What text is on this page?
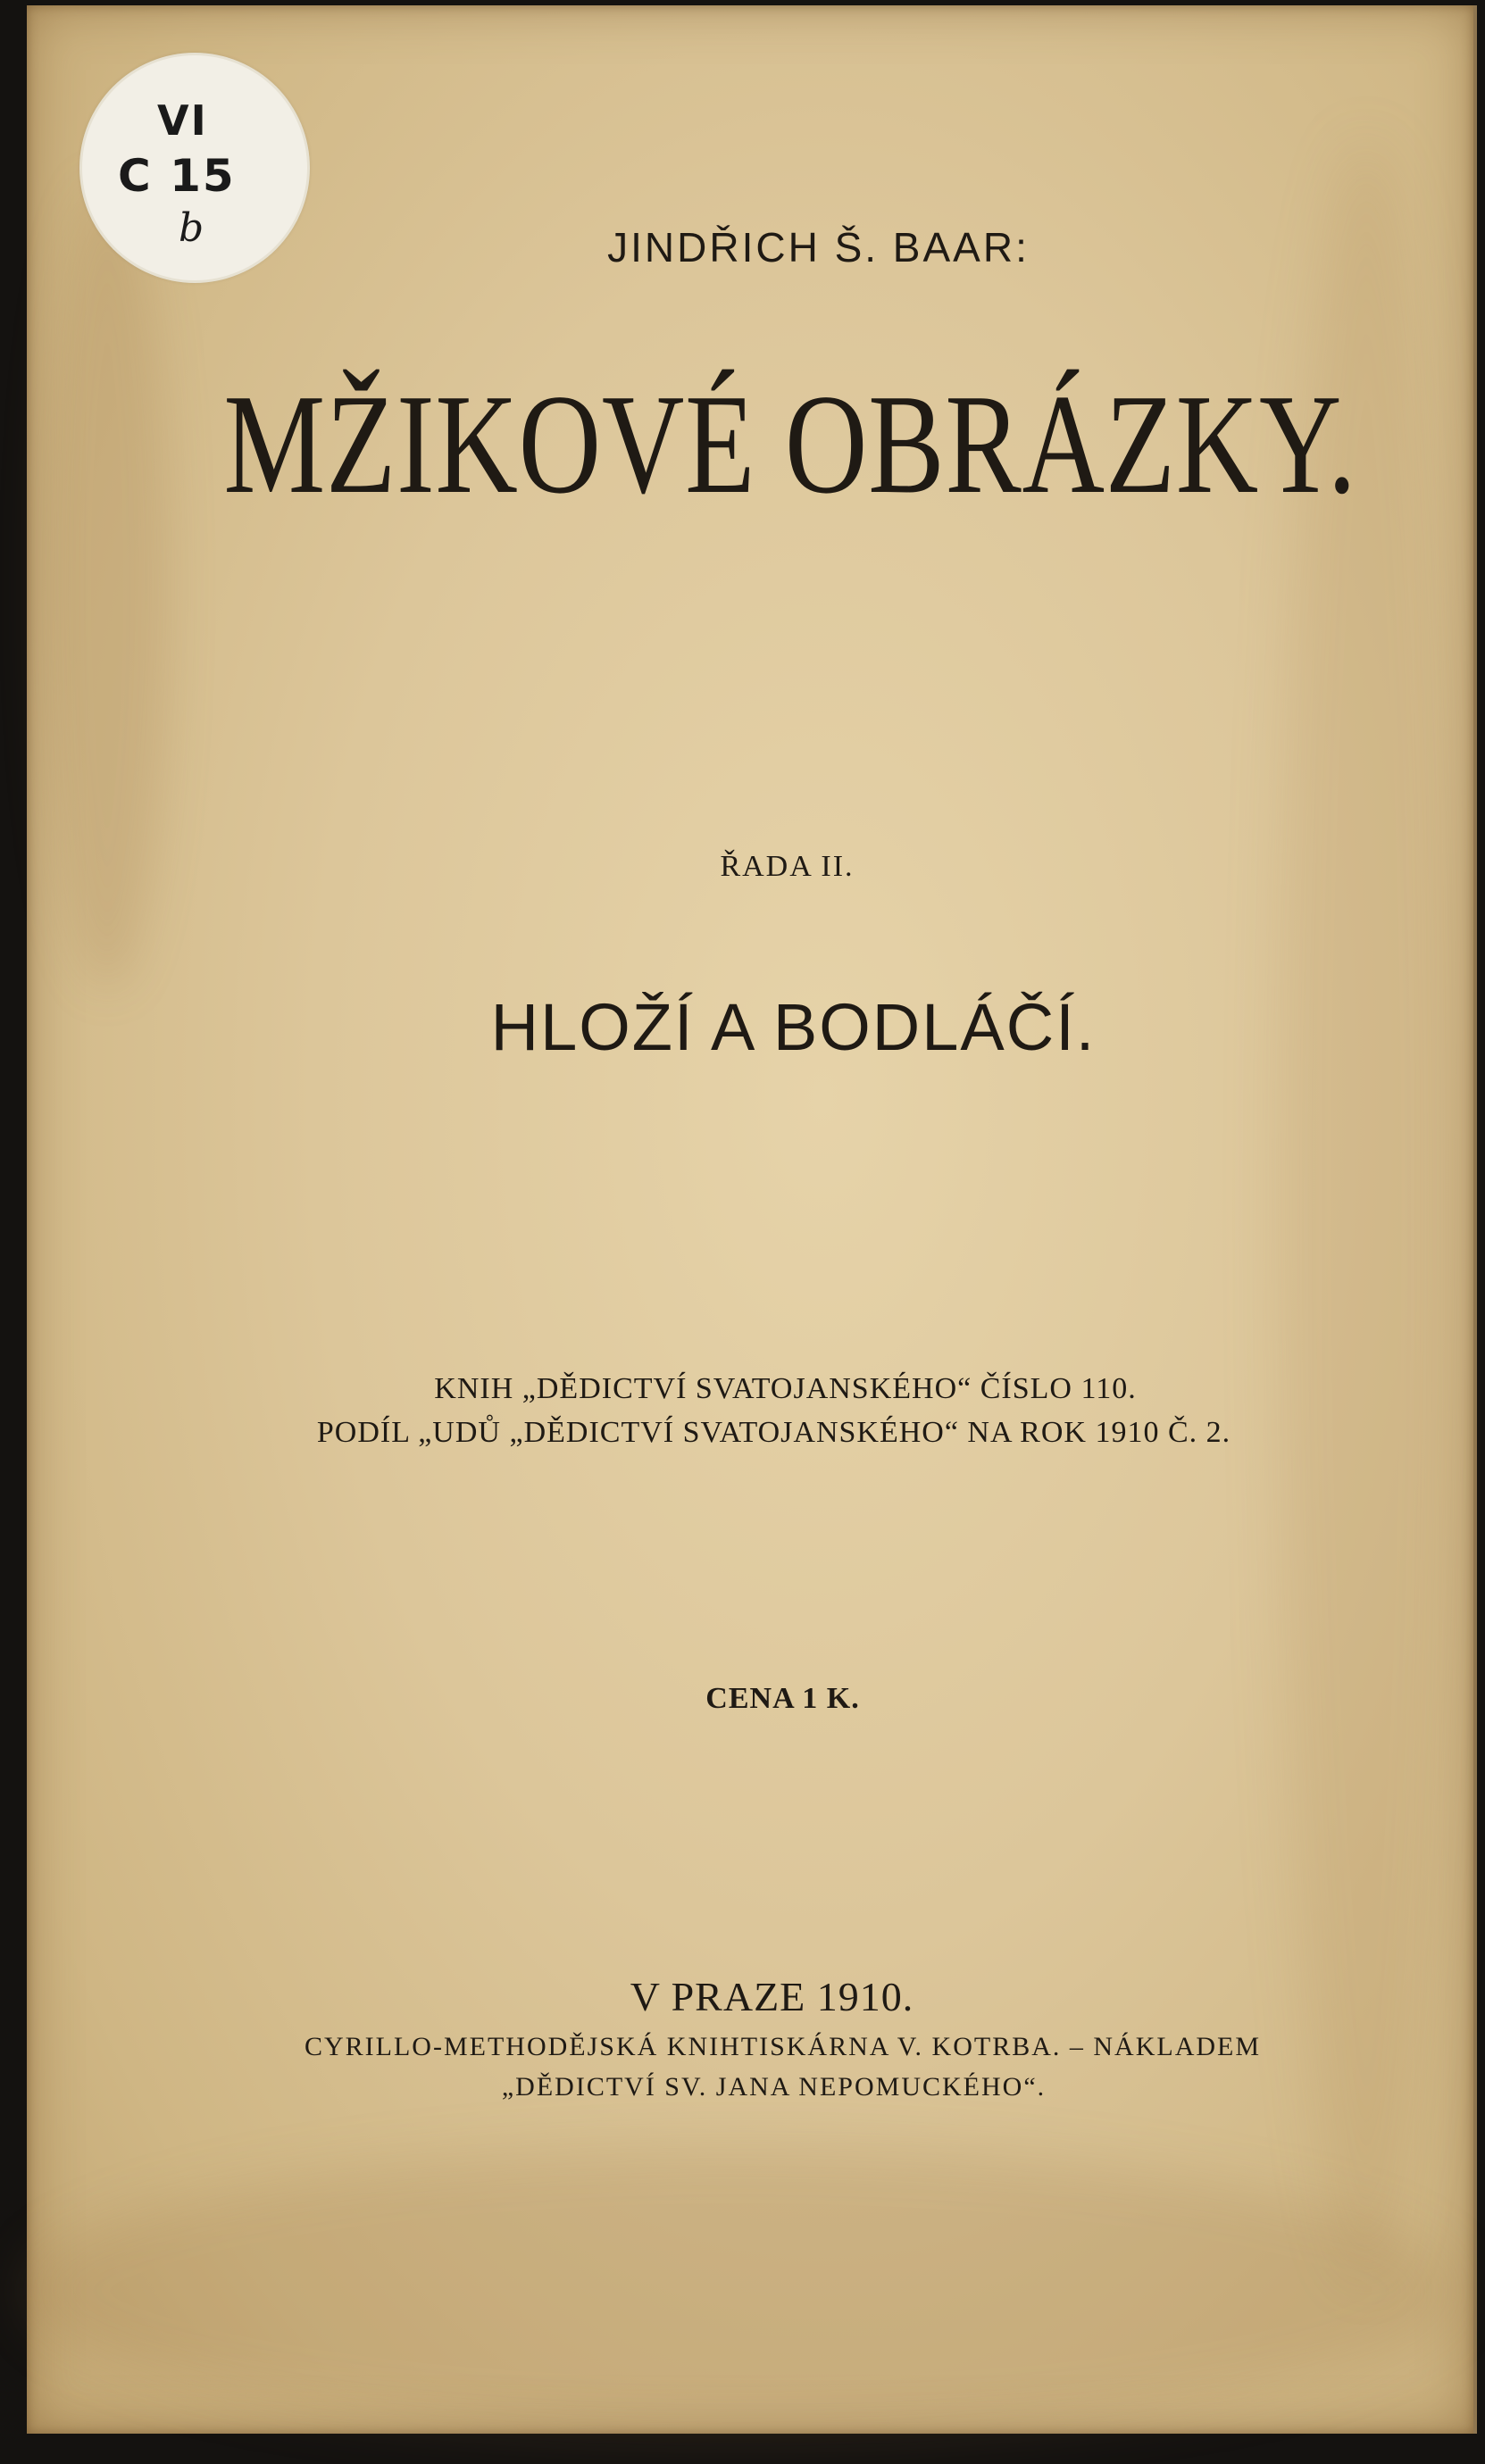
VI
C 15
b	JINDŘICH Š. BAAR:
MŽIKOVÉ OBRÁZKY.
ŘADA II.
HLOŽÍ A BODLÁČÍ.
KNIH „DĚDICTVÍ SVATOJANSKÉHO“ ČÍSLO 110.
PODÍL „UDŮ „DĚDICTVÍ SVATOJANSKÉHO“ NA ROK 1910 Č. 2.
CENA 1 K.
V PRAZE 1910.
CYRILLO-METHODĚJSKÁ KNIHTISKÁRNA V. KOTRBA. – NÁKLADEM
„DĚDICTVÍ SV. JANA NEPOMUCKÉHO“.
